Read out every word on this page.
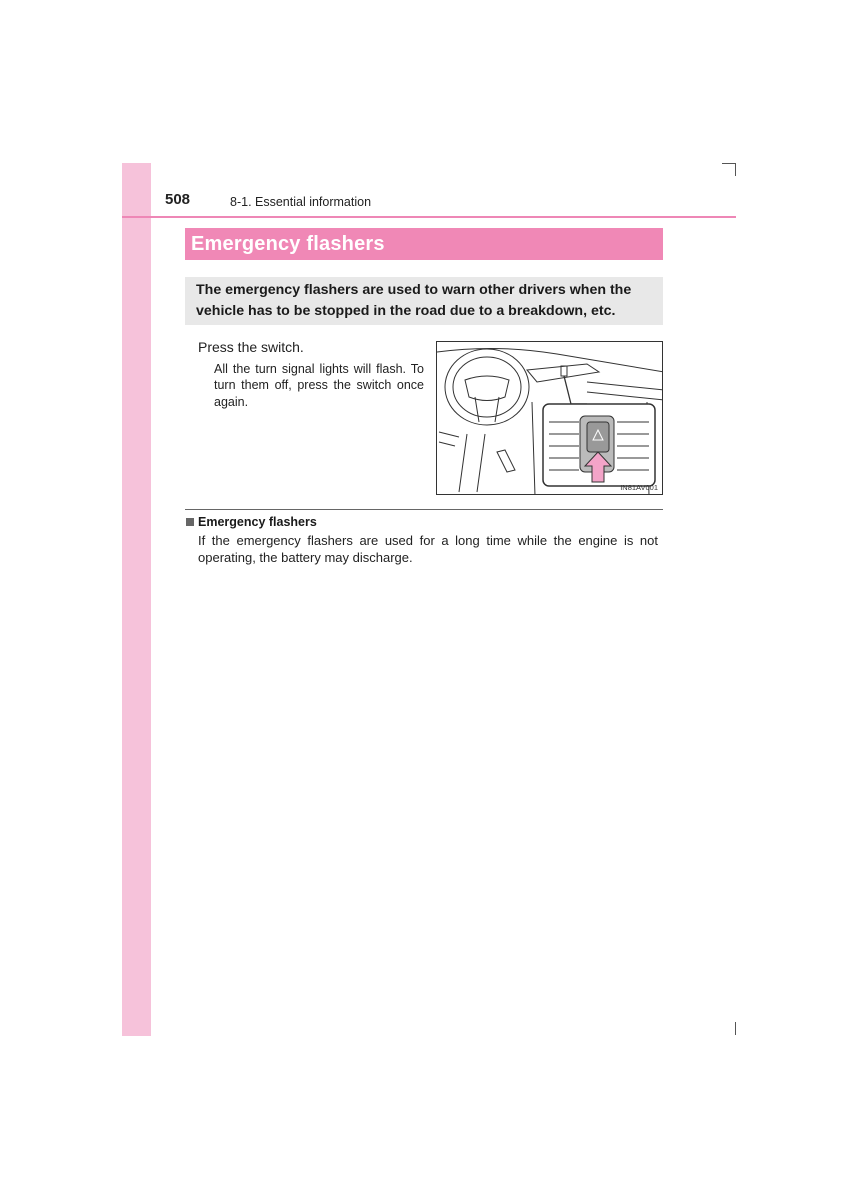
508	8-1. Essential information
Emergency flashers
The emergency flashers are used to warn other drivers when the vehicle has to be stopped in the road due to a breakdown, etc.
Press the switch.
All the turn signal lights will flash. To turn them off, press the switch once again.
IN81AV001
Emergency flashers
If the emergency flashers are used for a long time while the engine is not operating, the battery may discharge.
